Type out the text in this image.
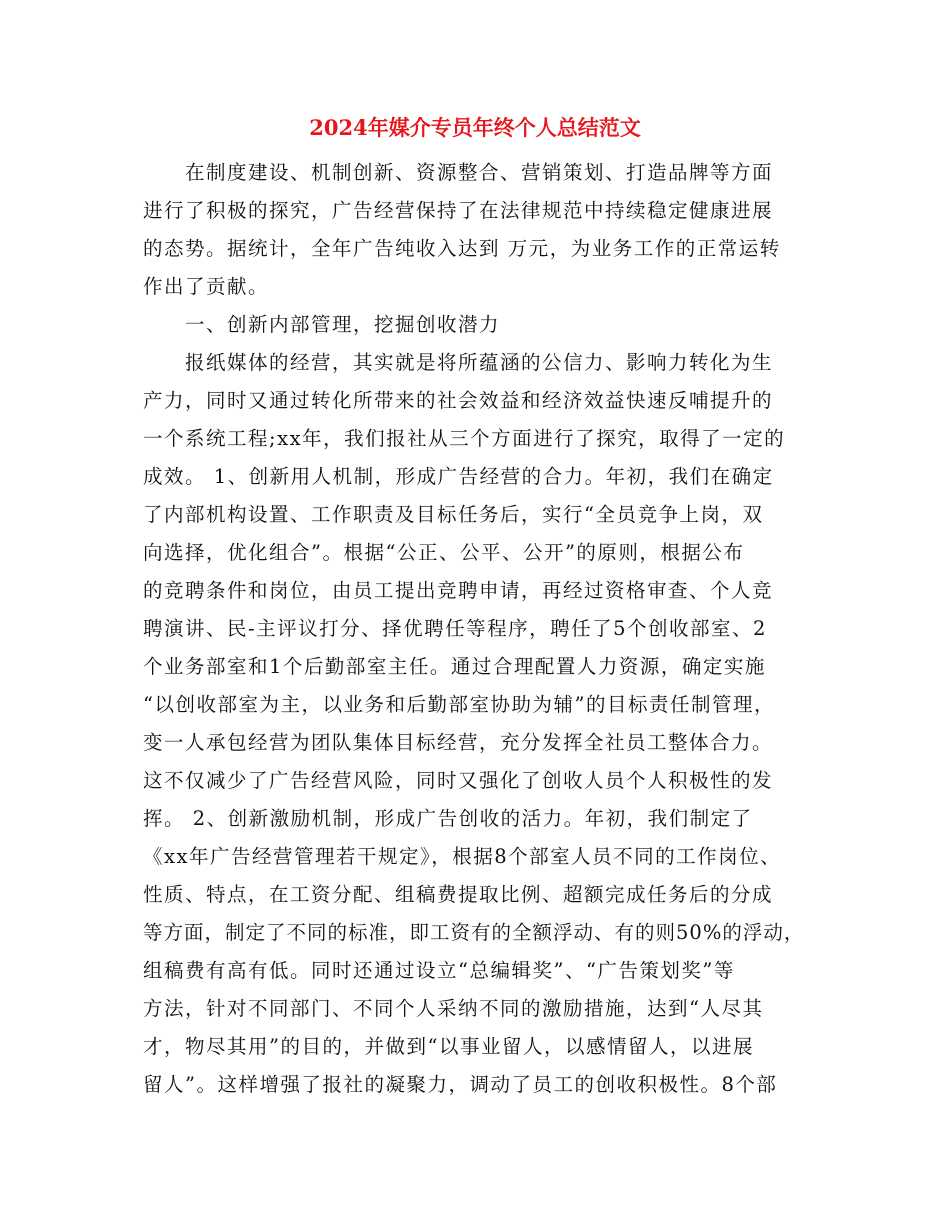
2024年媒介专员年终个人总结范文
在制度建设、机制创新、资源整合、营销策划、打造品牌等方面
进行了积极的探究，广告经营保持了在法律规范中持续稳定健康进展
的态势。据统计，全年广告纯收入达到 万元，为业务工作的正常运转
作出了贡献。
一、创新内部管理，挖掘创收潜力
报纸媒体的经营，其实就是将所蕴涵的公信力、影响力转化为生
产力，同时又通过转化所带来的社会效益和经济效益快速反哺提升的
一个系统工程;xx年，我们报社从三个方面进行了探究，取得了一定的
成效。 1、创新用人机制，形成广告经营的合力。年初，我们在确定
了内部机构设置、工作职责及目标任务后，实行“全员竞争上岗，双
向选择，优化组合”。根据“公正、公平、公开”的原则，根据公布
的竞聘条件和岗位，由员工提出竞聘申请，再经过资格审查、个人竞
聘演讲、民-主评议打分、择优聘任等程序，聘任了5个创收部室、2
个业务部室和1个后勤部室主任。通过合理配置人力资源，确定实施
“以创收部室为主，以业务和后勤部室协助为辅”的目标责任制管理，
变一人承包经营为团队集体目标经营，充分发挥全社员工整体合力。
这不仅减少了广告经营风险，同时又强化了创收人员个人积极性的发
挥。 2、创新激励机制，形成广告创收的活力。年初，我们制定了
《xx年广告经营管理若干规定》，根据8个部室人员不同的工作岗位、
性质、特点，在工资分配、组稿费提取比例、超额完成任务后的分成
等方面，制定了不同的标准，即工资有的全额浮动、有的则50%的浮动，
组稿费有高有低。同时还通过设立“总编辑奖”、“广告策划奖”等
方法，针对不同部门、不同个人采纳不同的激励措施，达到“人尽其
才，物尽其用”的目的，并做到“以事业留人，以感情留人，以进展
留人”。这样增强了报社的凝聚力，调动了员工的创收积极性。8个部
